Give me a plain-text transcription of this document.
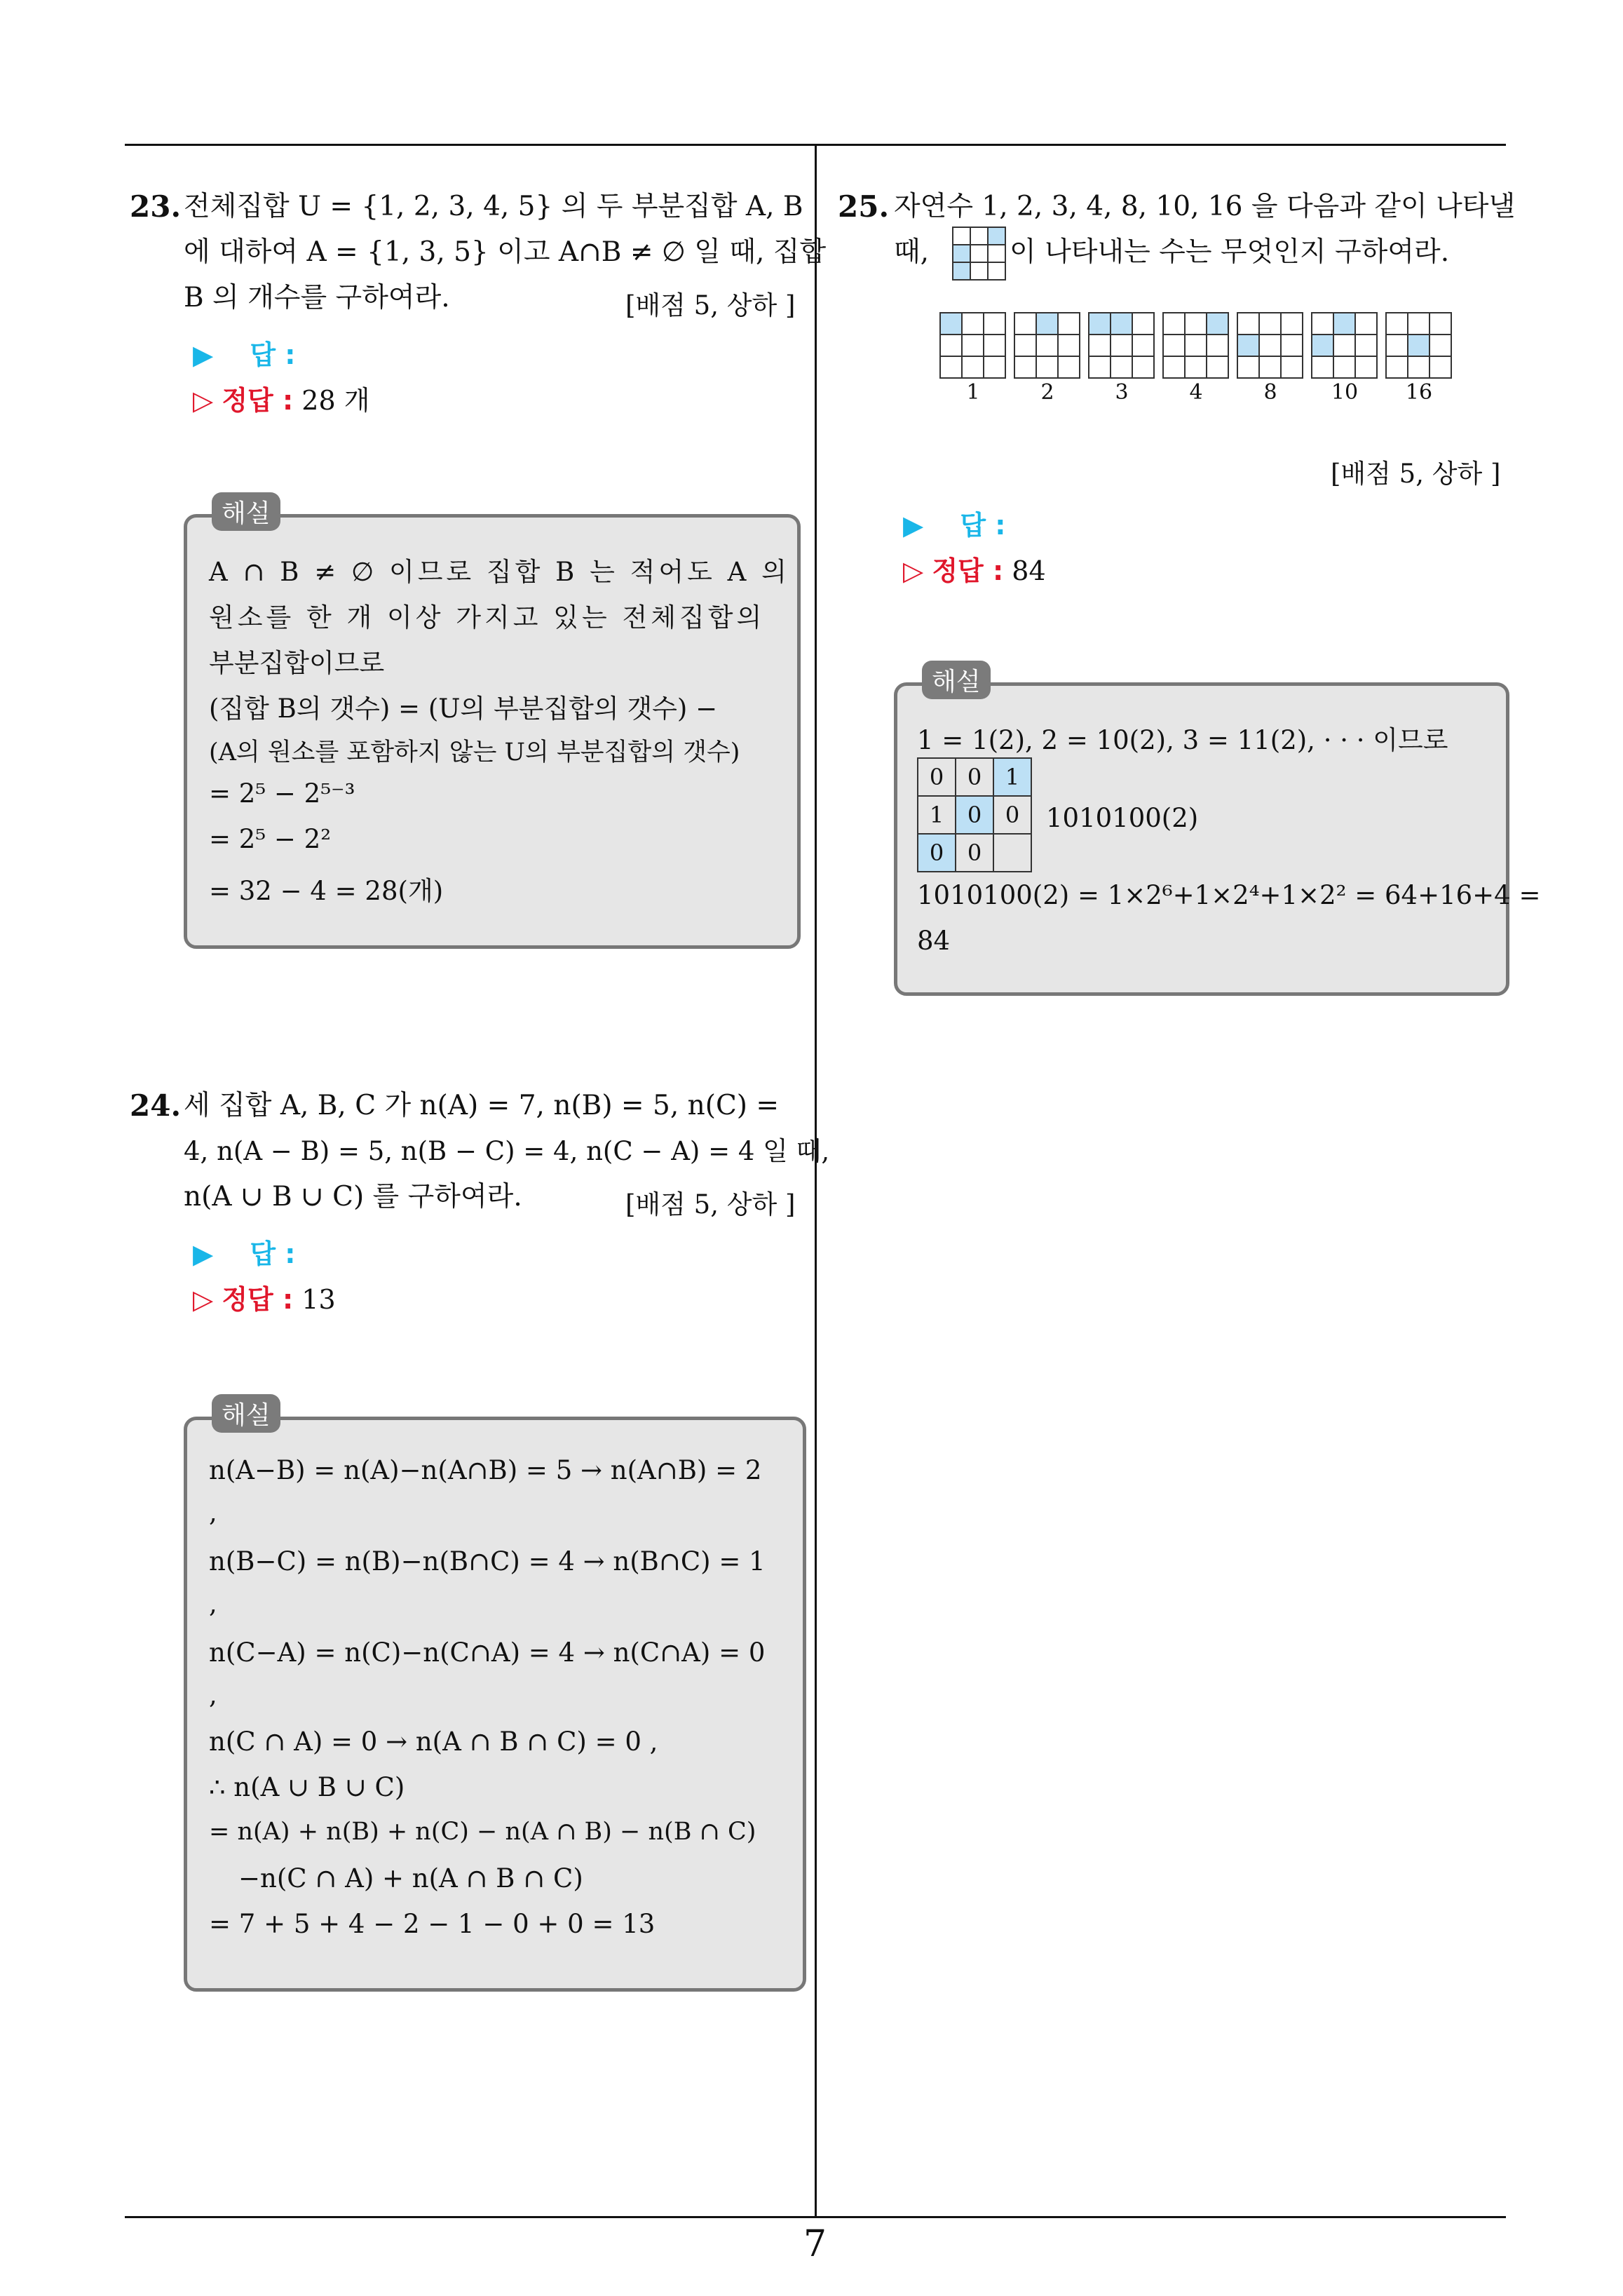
7
23. 전체집합 U = {1, 2, 3, 4, 5} 의 두 부분집합 A, B
에 대하여 A = {1, 3, 5} 이고 A∩B ≠ ∅ 일 때, 집합
B 의 개수를 구하여라.	[배점 5, 상하 ]
▶ 답 :
▷ 정답 : 28 개
해설
A ∩ B ≠ ∅ 이므로 집합 B 는 적어도 A 의
원소를 한 개 이상 가지고 있는 전체집합의
부분집합이므로
(집합 B의 갯수) = (U의 부분집합의 갯수) −
(A의 원소를 포함하지 않는 U의 부분집합의 갯수)
= 2⁵ − 2⁵⁻³
= 2⁵ − 2²
= 32 − 4 = 28(개)
24. 세 집합 A, B, C 가 n(A) = 7, n(B) = 5, n(C) =
4, n(A − B) = 5, n(B − C) = 4, n(C − A) = 4 일 때,
n(A ∪ B ∪ C) 를 구하여라.	[배점 5, 상하 ]
▶ 답 :
▷ 정답 : 13
해설
n(A−B) = n(A)−n(A∩B) = 5 → n(A∩B) = 2
,
n(B−C) = n(B)−n(B∩C) = 4 → n(B∩C) = 1
,
n(C−A) = n(C)−n(C∩A) = 4 → n(C∩A) = 0
,
n(C ∩ A) = 0 → n(A ∩ B ∩ C) = 0 ,
∴ n(A ∪ B ∪ C)
= n(A) + n(B) + n(C) − n(A ∩ B) − n(B ∩ C)
−n(C ∩ A) + n(A ∩ B ∩ C)
= 7 + 5 + 4 − 2 − 1 − 0 + 0 = 13
25. 자연수 1, 2, 3, 4, 8, 10, 16 을 다음과 같이 나타낼
때,	이 나타내는 수는 무엇인지 구하여라.
1	2	3	4	8	10	16
[배점 5, 상하 ]
▶ 답 :
▷ 정답 : 84
해설
1 = 1(2), 2 = 10(2), 3 = 11(2), · · · 이므로
0	0	1
1	0	0
0	0	
1010100(2)
1010100(2) = 1×2⁶+1×2⁴+1×2² = 64+16+4 =
84
